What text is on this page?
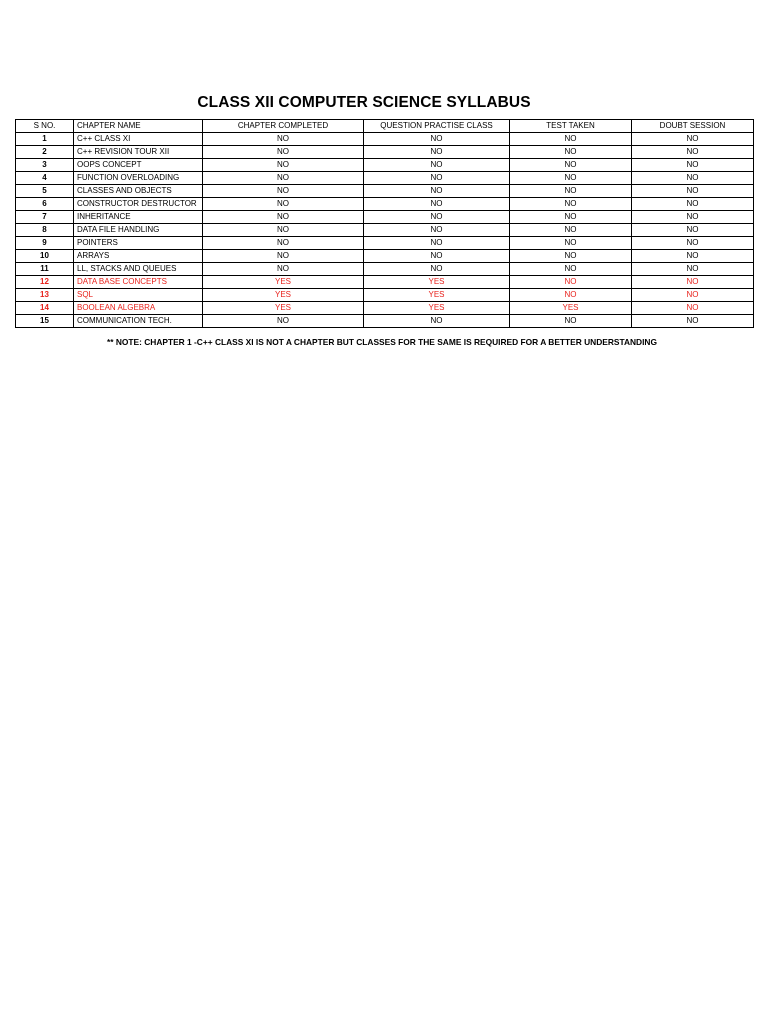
CLASS XII COMPUTER SCIENCE SYLLABUS
S NO.	CHAPTER NAME	CHAPTER COMPLETED	QUESTION PRACTISE CLASS	TEST TAKEN	DOUBT SESSION
1	C++ CLASS XI	NO	NO	NO	NO
2	C++ REVISION TOUR XII	NO	NO	NO	NO
3	OOPS CONCEPT	NO	NO	NO	NO
4	FUNCTION OVERLOADING	NO	NO	NO	NO
5	CLASSES AND OBJECTS	NO	NO	NO	NO
6	CONSTRUCTOR DESTRUCTOR	NO	NO	NO	NO
7	INHERITANCE	NO	NO	NO	NO
8	DATA FILE HANDLING	NO	NO	NO	NO
9	POINTERS	NO	NO	NO	NO
10	ARRAYS	NO	NO	NO	NO
11	LL, STACKS AND QUEUES	NO	NO	NO	NO
12	DATA BASE CONCEPTS	YES	YES	NO	NO
13	SQL	YES	YES	NO	NO
14	BOOLEAN ALGEBRA	YES	YES	YES	NO
15	COMMUNICATION TECH.	NO	NO	NO	NO
** NOTE: CHAPTER 1 -C++ CLASS XI IS NOT A CHAPTER BUT CLASSES FOR THE SAME IS REQUIRED FOR A BETTER UNDERSTANDING
